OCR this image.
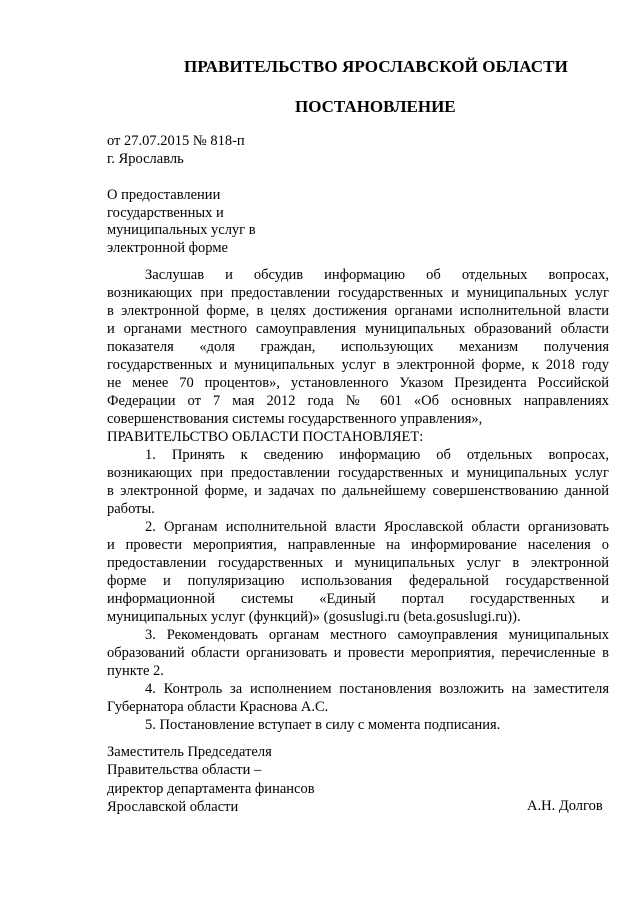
ПРАВИТЕЛЬСТВО ЯРОСЛАВСКОЙ ОБЛАСТИ
ПОСТАНОВЛЕНИЕ
от 27.07.2015 № 818-п
г. Ярославль
О предоставлении
государственных и
муниципальных услуг в
электронной форме
Заслушав и обсудив информацию об отдельных вопросах,
возникающих при предоставлении государственных и муниципальных услуг
в электронной форме, в целях достижения органами исполнительной власти
и органами местного самоуправления муниципальных образований области
показателя «доля граждан, использующих механизм получения
государственных и муниципальных услуг в электронной форме, к 2018 году
не менее 70 процентов», установленного Указом Президента Российской
Федерации от 7 мая 2012 года № 601 «Об основных направлениях
совершенствования системы государственного управления»,
ПРАВИТЕЛЬСТВО ОБЛАСТИ ПОСТАНОВЛЯЕТ:
1. Принять к сведению информацию об отдельных вопросах,
возникающих при предоставлении государственных и муниципальных услуг
в электронной форме, и задачах по дальнейшему совершенствованию данной
работы.
2. Органам исполнительной власти Ярославской области организовать
и провести мероприятия, направленные на информирование населения о
предоставлении государственных и муниципальных услуг в электронной
форме и популяризацию использования федеральной государственной
информационной системы «Единый портал государственных и
муниципальных услуг (функций)» (gosuslugi.ru (beta.gosuslugi.ru)).
3. Рекомендовать органам местного самоуправления муниципальных
образований области организовать и провести мероприятия, перечисленные в
пункте 2.
4. Контроль за исполнением постановления возложить на заместителя
Губернатора области Краснова А.С.
5. Постановление вступает в силу с момента подписания.
Заместитель Председателя
Правительства области –
директор департамента финансов
Ярославской области	А.Н. Долгов
